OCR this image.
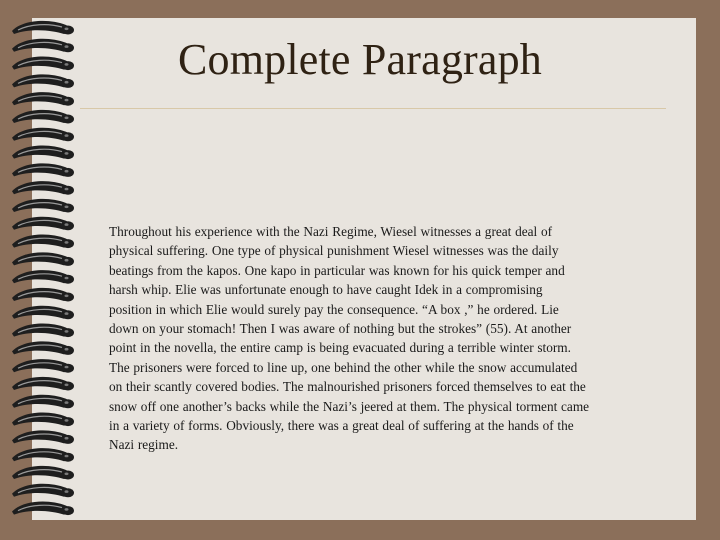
Complete Paragraph
Throughout his experience with the Nazi Regime, Wiesel witnesses a great deal of
physical suffering. One type of physical punishment Wiesel witnesses was the daily
beatings from the kapos. One kapo in particular was known for his quick temper and
harsh whip. Elie was unfortunate enough to have caught Idek in a compromising
position in which Elie would surely pay the consequence. “A box ,” he ordered. Lie
down on your stomach! Then I was aware of nothing but the strokes” (55). At another
point in the novella, the entire camp is being evacuated during a terrible winter storm.
The prisoners were forced to line up, one behind the other while the snow accumulated
on their scantly covered bodies. The malnourished prisoners forced themselves to eat the
snow off one another’s backs while the Nazi’s jeered at them. The physical torment came
in a variety of forms. Obviously, there was a great deal of suffering at the hands of the
Nazi regime.
